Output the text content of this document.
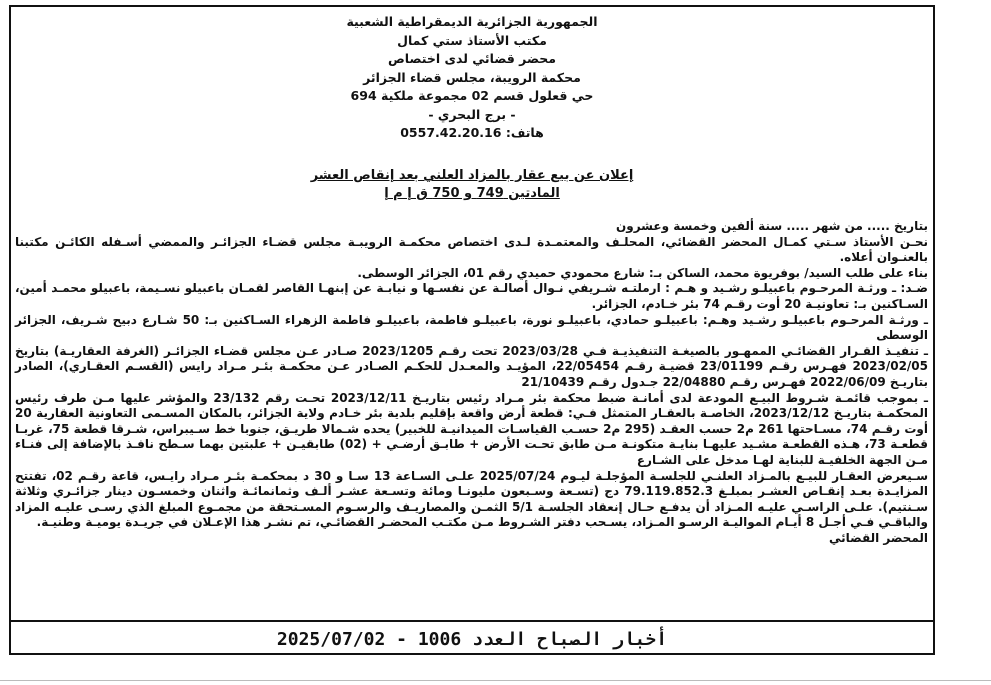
الجمهورية الجزائرية الديمقراطية الشعبية
مكتب الأستاذ ستي كمال
محضر قضائي لدى اختصاص
محكمة الرويبة، مجلس قضاء الجزائر
حي قعلول قسم 02 مجموعة ملكية 694
- برج البحري -
هاتف: 0557.42.20.16
إعلان عن بيع عقار بالمزاد العلني بعد إنقاص العشر
المادتين 749 و 750 ق إ م إ

بتاريخ ..... من شهر ..... سنة ألفين وخمسة وعشرون

نحـن الأستاذ سـتي كمـال المحضر القضائي، المحلـف والمعتمـدة لـدى اختصاص محكمـة الرويبـة مجلس قضـاء الجزائـر والممضي أسـفله الكائـن مكتبنا بالعنـوان أعلاه.

بناء على طلب السيد/ بوفريوة محمد، الساكن بـ: شارع محمودي حميدي رقم 01، الجزائر الوسطى.

ضـد: ـ ورثـة المرحـوم باعبيلـو رشـيد و هـم : ارملتـه شـريفي نـوال أصالـة عن نفسـها و نيابـة عن إبنهـا القاصر لقمـان باعبيلو نسـيمة، باعبيلو محمـد أمين، السـاكنين بـ: تعاونيـة 20 أوت رقـم 74 بئر خـادم، الجزائر.

ـ ورثـة المرحـوم باعبيلـو رشـيد وهـم: باعبيلـو حمادي، باعبيلـو نورة، باعبيلـو فاطمة، باعبيلـو فاطمة الزهراء السـاكنين بـ: 50 شـارع دبيح شـريف، الجزائر الوسطى

ـ تنفيـذ القـرار القضائـي الممهـور بالصيغـة التنفيذيـة فـي 2023/03/28 تحت رقـم 2023/1205 صـادر عـن مجلس قضـاء الجزائـر (الغرفة العقاريـة) بتاريخ 2023/02/05 فهـرس رقـم 23/01199 قضيـة رقـم 22/05454، المؤيـد والمعـدل للحكـم الصـادر عـن محكمـة بئـر مـراد رايس (القسـم العقـاري)، الصادر بتاريـخ 2022/06/09 فهـرس رقـم 22/04880 جـدول رقـم 21/10439

ـ بموجب قائمـة شـروط البيـع المودعة لدى أمانـة ضبط محكمة بئر مـراد رئيس بتاريـخ 2023/12/11 تحـت رقم 23/132 والمؤشر عليها مـن طرف رئيس المحكمـة بتاريـخ 2023/12/12، الخاصـة بالعقـار المتمثل فـي: قطعة أرض واقعة بإقليم بلدية بئر خـادم ولاية الجزائر، بالمكان المسـمى التعاونية العقارية 20 أوت رقـم 74، مسـاحتها 261 م2 حسب العقـد (295 م2 حسـب القياسـات الميدانيـة للخبير) يحده شـمالا طريـق، جنوبا خط سـيبراس، شـرقا قطعة 75، غربـا قطعـة 73، هـذه القطعـة مشـيد عليهـا بنايـة متكونـة مـن طابق تحـت الأرض + طابـق أرضـي + (02) طابقيـن + علبتين بهما سـطح نافـذ بالإضافة إلى فنـاء مـن الجهة الخلفيـة للبناية لهـا مدخل على الشـارع

سـيعرض العقـار للبيـع بالمـزاد العلنـي للجلسـة المؤجلـة ليـوم 2025/07/24 علـى السـاعة 13 سـا و 30 د بمحكمـة بئـر مـراد رايـس، قاعة رقـم 02، تفتتح المزايـدة بعـد إنقـاص العشـر بمبلـغ 79.119.852.3 دج (تسـعة وسـبعون مليونـا ومائة وتسـعة عشـر ألـف وثمانمائـة واثنان وخمسـون دينار جزائـري وثلاثة سـنتيم). علـى الراسـي عليـه المـزاد أن يدفـع حـال إنعقاد الجلسـة 5/1 الثمـن والمصاريـف والرسـوم المسـتحقة من مجمـوع المبلغ الذي رسـى عليـه المزاد والباقـي فـي أجـل 8 أيـام المواليـة الرسـو المـزاد، يسـحب دفتر الشـروط مـن مكتـب المحضـر القضائـي، تم نشـر هذا الإعـلان في جريـدة يوميـة وطنيـة.

المحضر القضائي

أخبار الصباح العدد 1006 - 2025/07/02
